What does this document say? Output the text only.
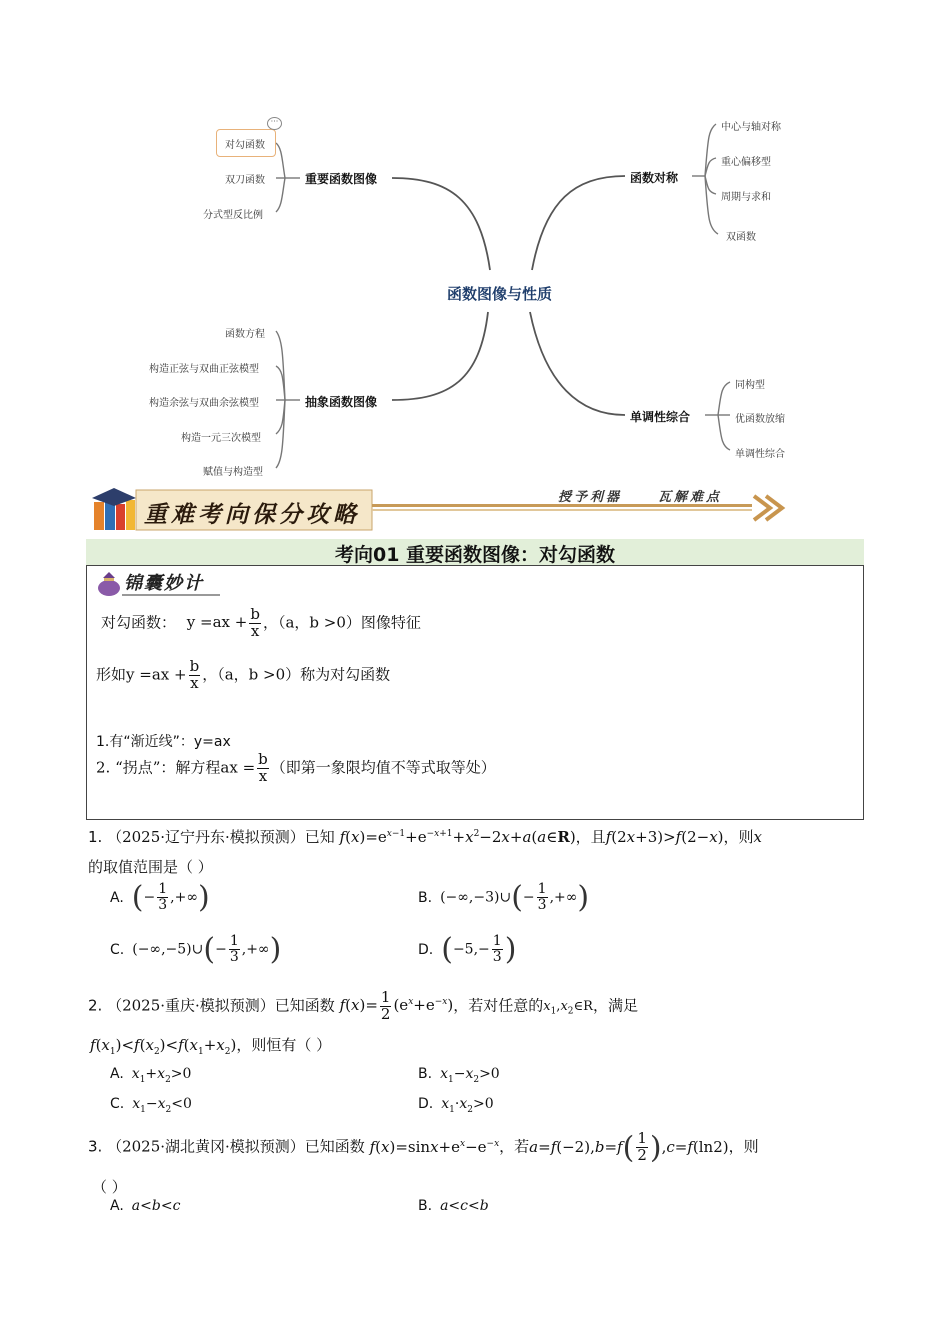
···
函数图像与性质
重要函数图像
对勾函数
双刀函数
分式型反比例
抽象函数图像
函数方程
构造正弦与双曲正弦模型
构造余弦与双曲余弦模型
构造一元三次模型
赋值与构造型
函数对称
中心与轴对称
重心偏移型
周期与求和
双函数
单调性综合
同构型
优函数放缩
单调性综合
重难考向保分攻略
授予利器	瓦解难点
考向01 重要函数图像：对勾函数
锦囊妙计
对勾函数： $y =ax + \frac{b}{x}$ ，（a，b >0）图像特征
形如$y =ax + \frac{b}{x}$ ，（a，b >0）称为对勾函数
1.有“渐近线”：y=ax
2. “拐点”：解方程ax = $\frac{b}{x}$ （即第一象限均值不等式取等处）
1. （2025·辽宁丹东·模拟预测）已知 $f(x)=e^{x-1}+e^{-x+1}+x^2-2x+a(a\in R)$，且f(2x+3)>f(2−x)，则x
的取值范围是（ ）
A. (− $\frac{1}{3}$ ,+∞)	B. (−∞,−3)∪(− $\frac{1}{3}$ ,+∞)
C. (−∞,−5)∪(− $\frac{1}{3}$ ,+∞)	D. ($-5,- \frac{1}{3}$ )
2. （2025·重庆·模拟预测）已知函数 $f(x)= \frac{1}{2} (e^x+e^{-x})$，若对任意的$x_1,x_2\in R$，满足
$f(x_1)<f(x_2)<f(x_1+x_2)$，则恒有（ ）
A. $x_1+x_2>0$	B. $x_1-x_2>0$
C. $x_1-x_2<0$	D. $x_1\cdot x_2>0$
3. （2025·湖北黄冈·模拟预测）已知函数 $f(x)=\sin x+e^x-e^{-x}$，若$a=f(-2),b=f( \frac{1}{2} ),c=f(\ln 2)$，则
（ ）
A. a<b<c	B. a<c<b
